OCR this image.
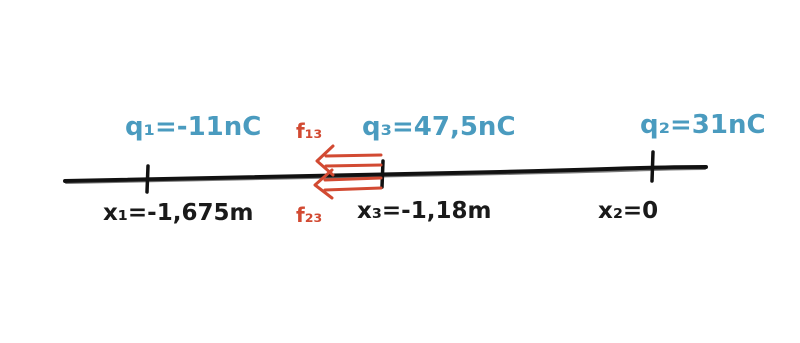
q₁=-11nC	q₃=47,5nC	q₂=31nC
x₁=-1,675m	x₃=-1,18m	x₂=0
f₁₃
f₂₃
